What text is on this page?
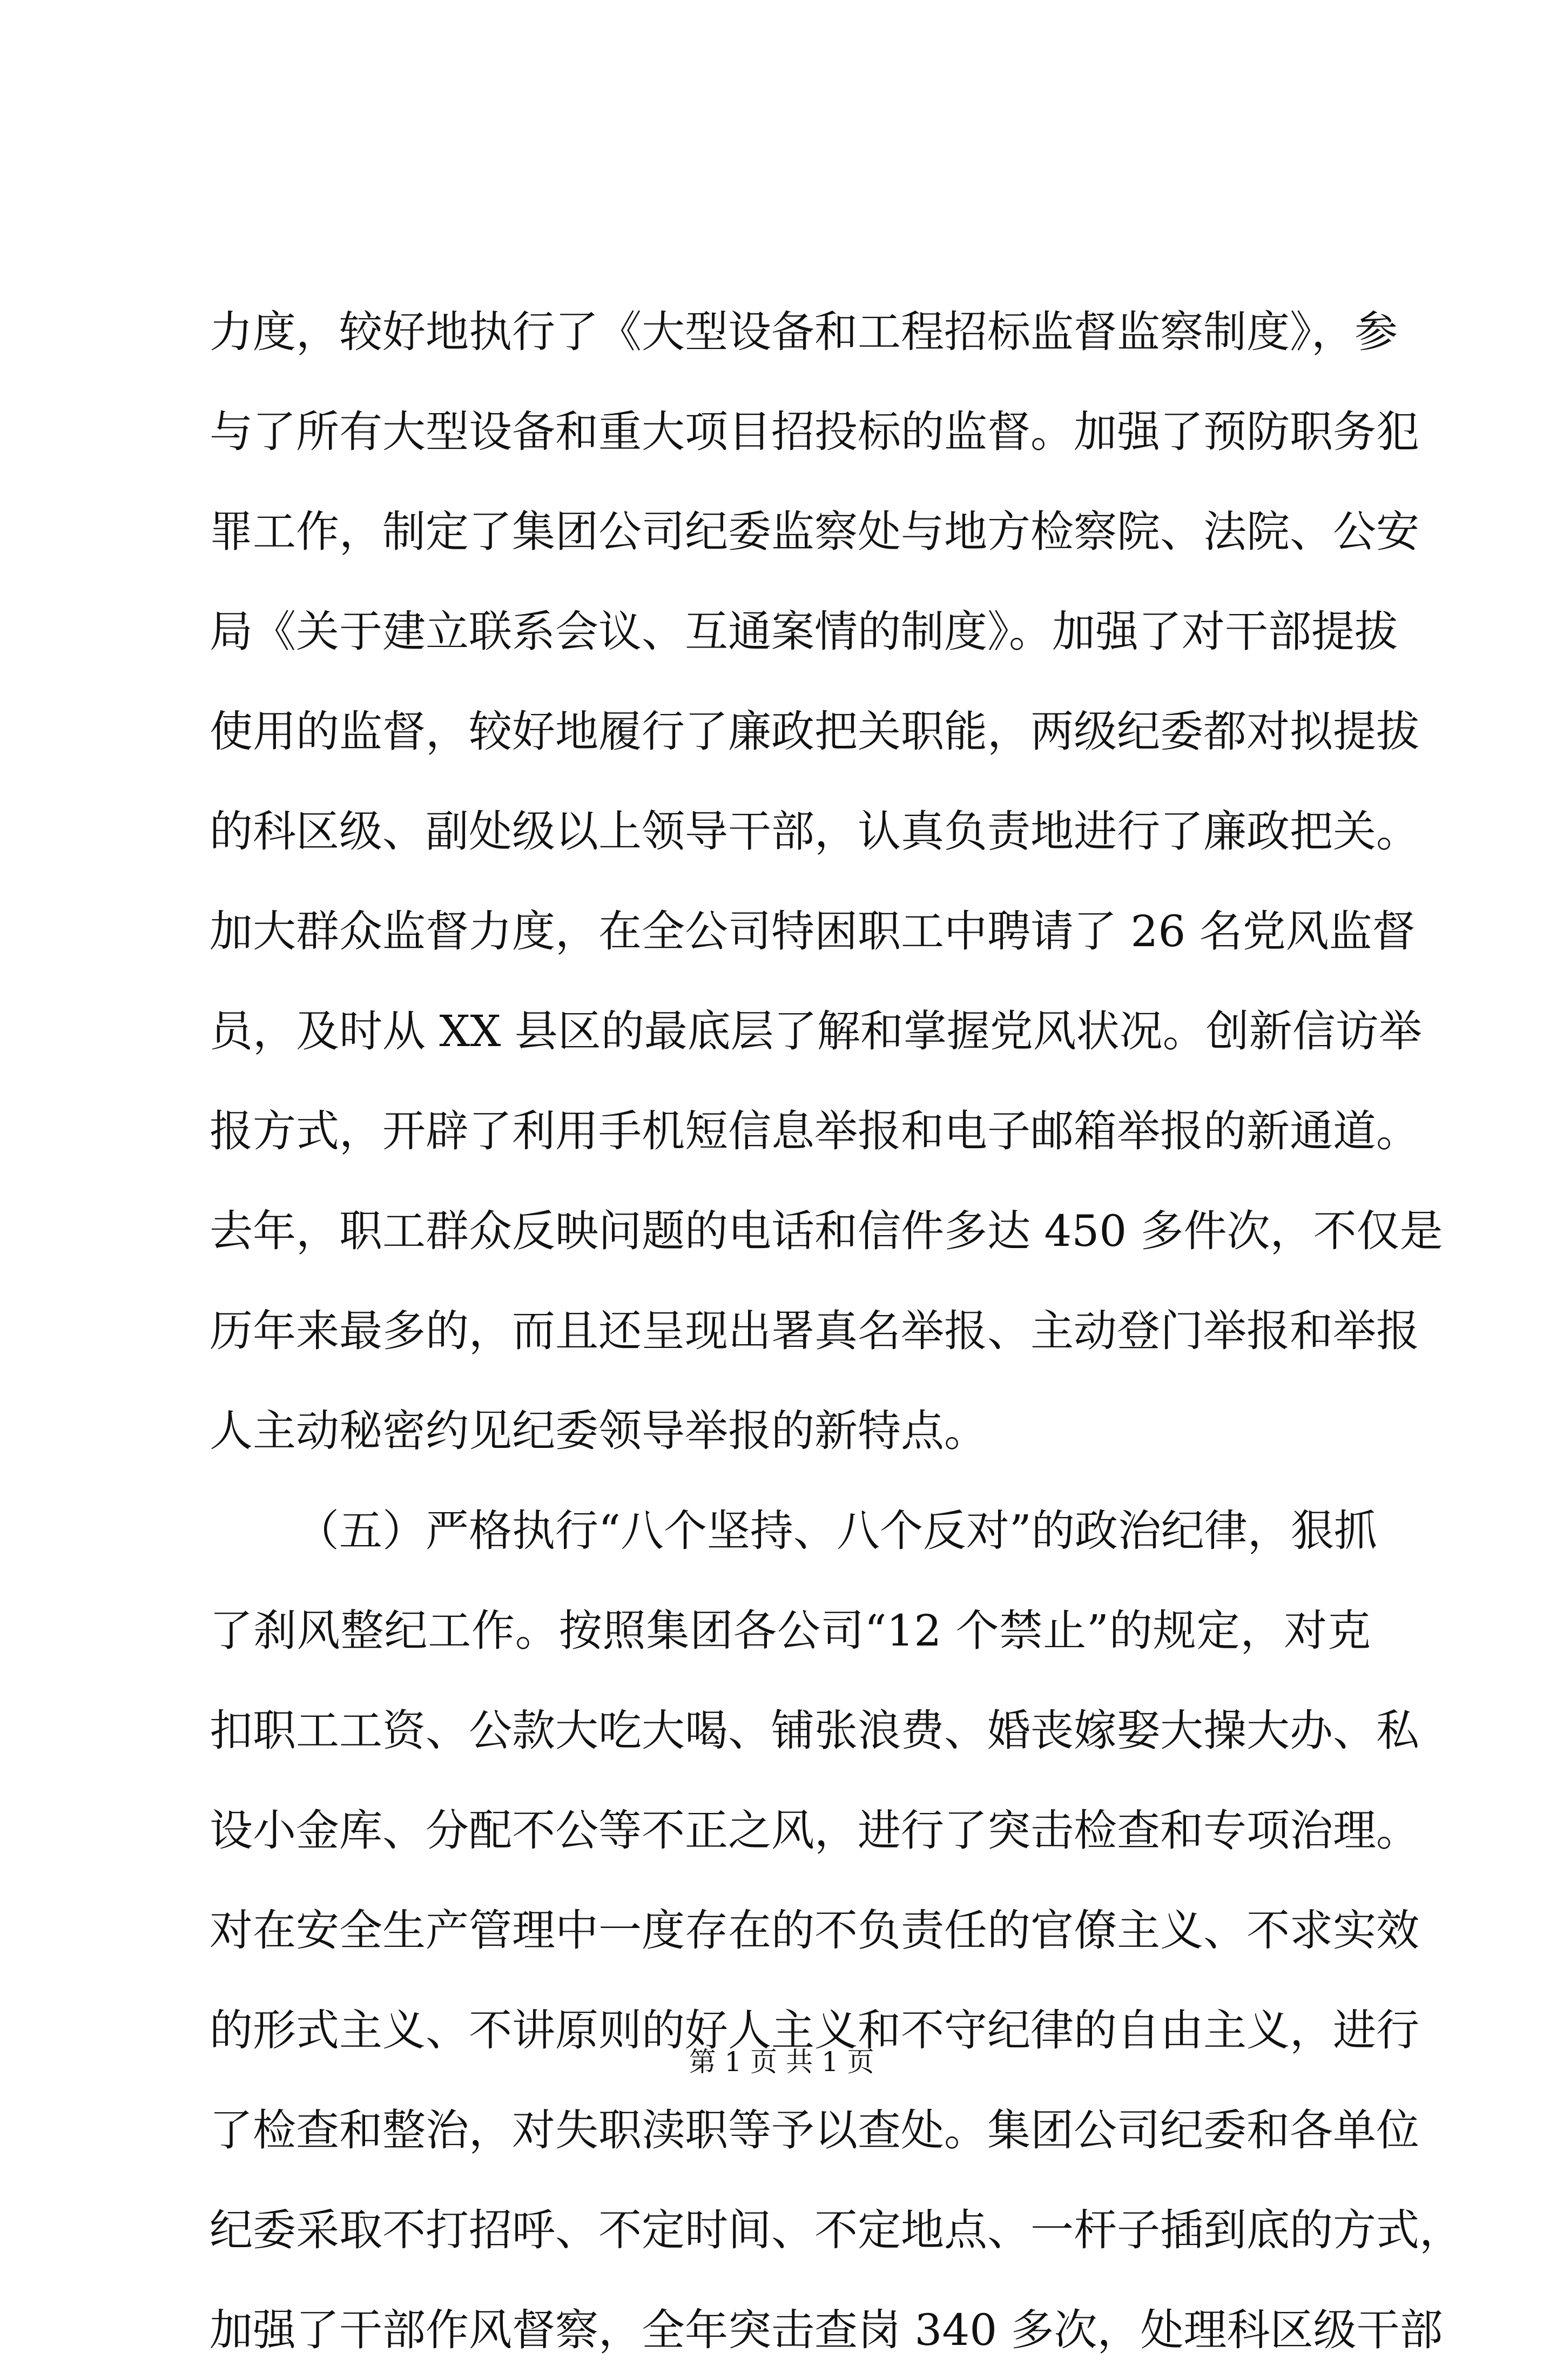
力度，较好地执行了《大型设备和工程招标监督监察制度》，参
与了所有大型设备和重大项目招投标的监督。加强了预防职务犯
罪工作，制定了集团公司纪委监察处与地方检察院、法院、公安
局《关于建立联系会议、互通案情的制度》。加强了对干部提拔
使用的监督，较好地履行了廉政把关职能，两级纪委都对拟提拔
的科区级、副处级以上领导干部，认真负责地进行了廉政把关。
加大群众监督力度，在全公司特困职工中聘请了 26 名党风监督
员，及时从 XX 县区的最底层了解和掌握党风状况。创新信访举
报方式，开辟了利用手机短信息举报和电子邮箱举报的新通道。
去年，职工群众反映问题的电话和信件多达 450 多件次，不仅是
历年来最多的，而且还呈现出署真名举报、主动登门举报和举报
人主动秘密约见纪委领导举报的新特点。
（五）严格执行“八个坚持、八个反对”的政治纪律，狠抓
了刹风整纪工作。按照集团各公司“12 个禁止”的规定，对克
扣职工工资、公款大吃大喝、铺张浪费、婚丧嫁娶大操大办、私
设小金库、分配不公等不正之风，进行了突击检查和专项治理。
对在安全生产管理中一度存在的不负责任的官僚主义、不求实效
的形式主义、不讲原则的好人主义和不守纪律的自由主义，进行
了检查和整治，对失职渎职等予以查处。集团公司纪委和各单位
纪委采取不打招呼、不定时间、不定地点、一杆子插到底的方式，
加强了干部作风督察，全年突击查岗 340 多次，处理科区级干部
第 1 页 共 1 页
